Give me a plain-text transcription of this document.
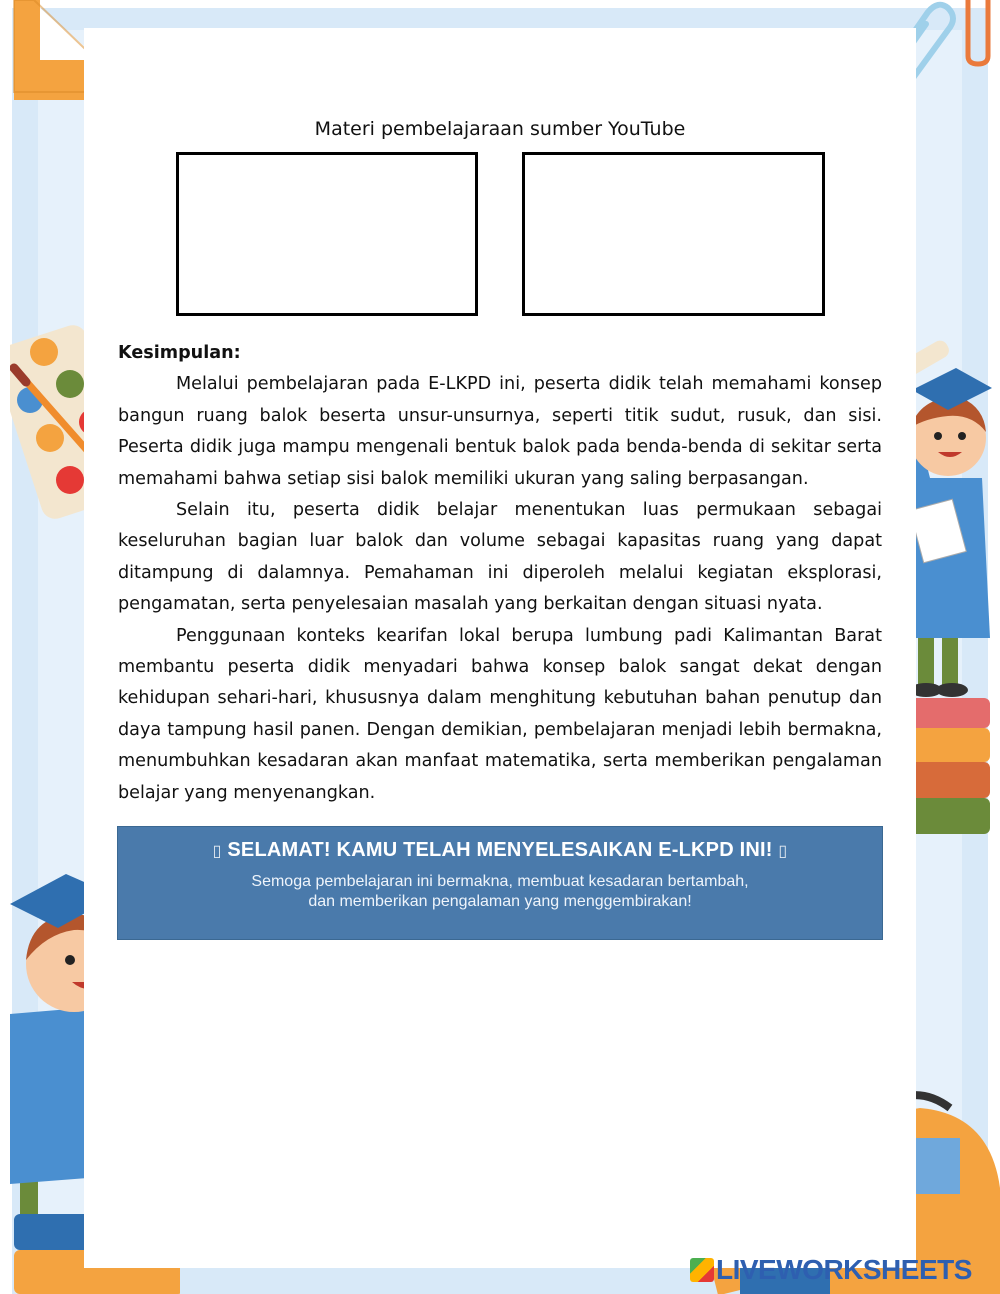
Materi pembelajaraan sumber YouTube

Kesimpulan:

Melalui pembelajaran pada E-LKPD ini, peserta didik telah memahami konsep bangun ruang balok beserta unsur-unsurnya, seperti titik sudut, rusuk, dan sisi. Peserta didik juga mampu mengenali bentuk balok pada benda-benda di sekitar serta memahami bahwa setiap sisi balok memiliki ukuran yang saling berpasangan.

Selain itu, peserta didik belajar menentukan luas permukaan sebagai keseluruhan bagian luar balok dan volume sebagai kapasitas ruang yang dapat ditampung di dalamnya. Pemahaman ini diperoleh melalui kegiatan eksplorasi, pengamatan, serta penyelesaian masalah yang berkaitan dengan situasi nyata.

Penggunaan konteks kearifan lokal berupa lumbung padi Kalimantan Barat membantu peserta didik menyadari bahwa konsep balok sangat dekat dengan kehidupan sehari-hari, khususnya dalam menghitung kebutuhan bahan penutup dan daya tampung hasil panen. Dengan demikian, pembelajaran menjadi lebih bermakna, menumbuhkan kesadaran akan manfaat matematika, serta memberikan pengalaman belajar yang menyenangkan.

▯ SELAMAT! KAMU TELAH MENYELESAIKAN E-LKPD INI! ▯
Semoga pembelajaran ini bermakna, membuat kesadaran bertambah,
dan memberikan pengalaman yang menggembirakan!
LIVEWORKSHEETS
